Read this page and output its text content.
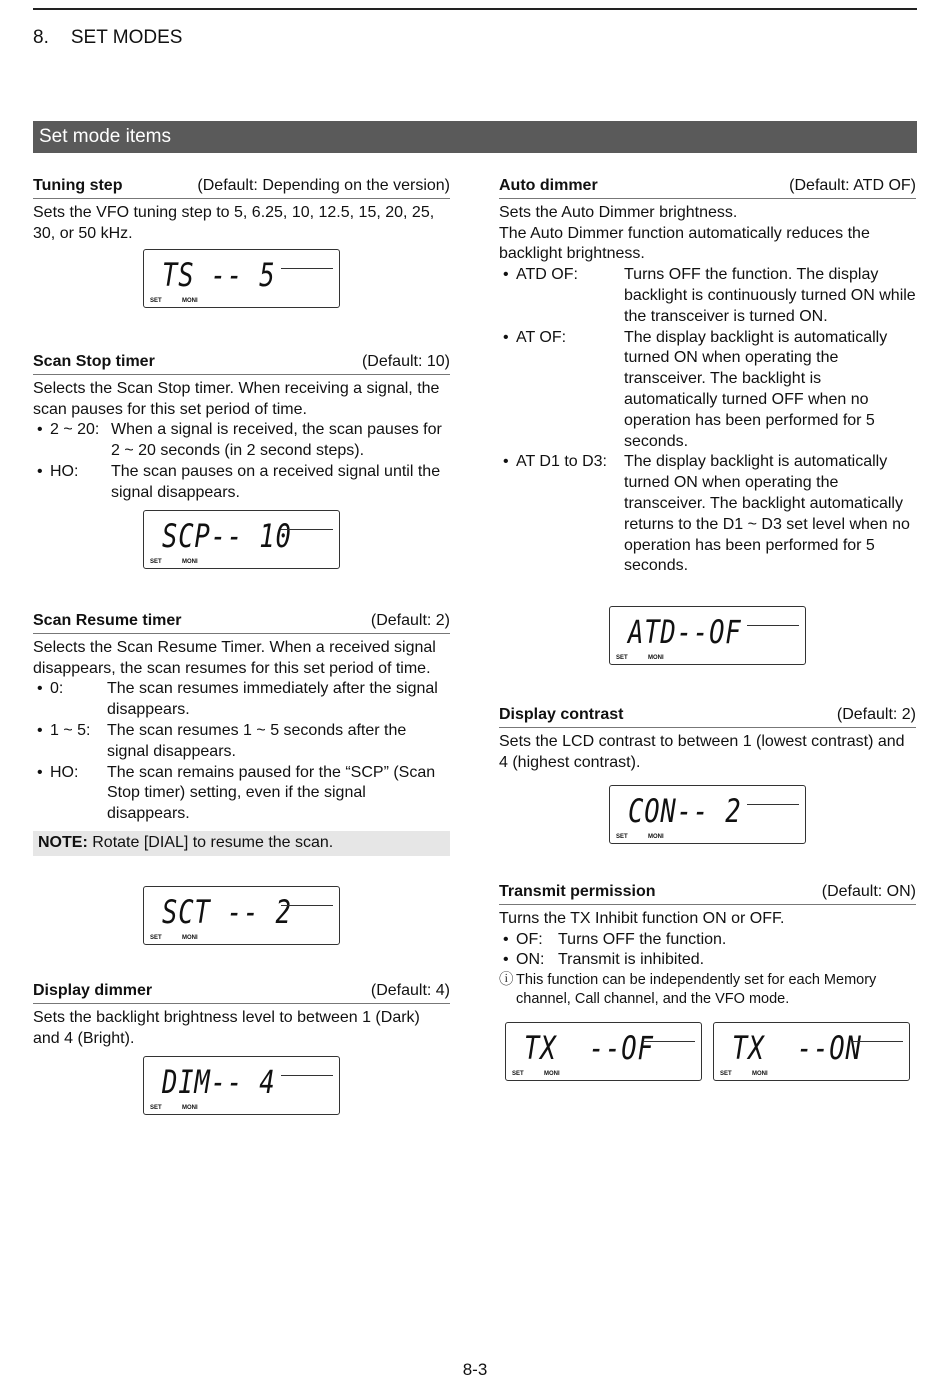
8. SET MODES
Set mode items
Tuning step	(Default: Depending on the version)
Sets the VFO tuning step to 5, 6.25, 10, 12.5, 15, 20, 25, 30, or 50 kHz.
TS -- 5
SET	MONI
Scan Stop timer	(Default: 10)
Selects the Scan Stop timer. When receiving a signal, the scan pauses for this set period of time.
• 2 ~ 20: When a signal is received, the scan pauses for 2 ~ 20 seconds (in 2 second steps).
• HO:	The scan pauses on a received signal until the signal disappears.
SCP-- 10
SET	MONI
Scan Resume timer	(Default: 2)
Selects the Scan Resume Timer. When a received signal disappears, the scan resumes for this set period of time.
• 0:	The scan resumes immediately after the signal disappears.
• 1 ~ 5:	The scan resumes 1 ~ 5 seconds after the signal disappears.
• HO:	The scan remains paused for the “SCP” (Scan Stop timer) setting, even if the signal disappears.
NOTE: Rotate [DIAL] to resume the scan.
SCT -- 2
SET	MONI
Display dimmer	(Default: 4)
Sets the backlight brightness level to between 1 (Dark) and 4 (Bright).
DIM-- 4
SET	MONI
Auto dimmer	(Default: ATD OF)
Sets the Auto Dimmer brightness.
The Auto Dimmer function automatically reduces the backlight brightness.
• ATD OF:	Turns OFF the function. The display backlight is continuously turned ON while the transceiver is turned ON.
• AT OF:	The display backlight is automatically turned ON when operating the transceiver. The backlight is automatically turned OFF when no operation has been performed for 5 seconds.
• AT D1 to D3:	The display backlight is automatically turned ON when operating the transceiver. The backlight automatically returns to the D1 ~ D3 set level when no operation has been performed for 5 seconds.
ATD--OF
SET	MONI
Display contrast	(Default: 2)
Sets the LCD contrast to between 1 (lowest contrast) and 4 (highest contrast).
CON-- 2
SET	MONI
Transmit permission	(Default: ON)
Turns the TX Inhibit function ON or OFF.
• OF: Turns OFF the function.
• ON: Transmit is inhibited.
ⓘ This function can be independently set for each Memory channel, Call channel, and the VFO mode.
TX  --OF
SET	MONI
TX  --ON
SET	MONI
8-3
